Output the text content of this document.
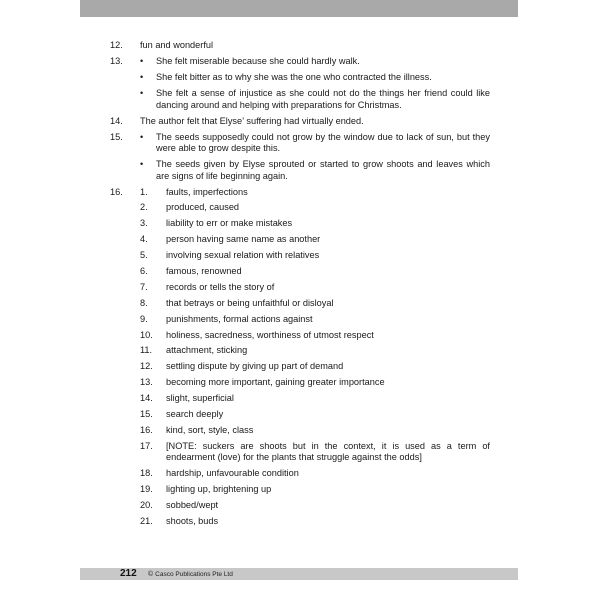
12.	fun and wonderful
13.	•	She felt miserable because she could hardly walk.
•	She felt bitter as to why she was the one who contracted the illness.
•	She felt a sense of injustice as she could not do the things her friend could like dancing around and helping with preparations for Christmas.
14.	The author felt that Elyse’ suffering had virtually ended.
15.	•	The seeds supposedly could not grow by the window due to lack of sun, but they were able to grow despite this.
•	The seeds given by Elyse sprouted or started to grow shoots and leaves which are signs of life beginning again.
16.	1.	faults, imperfections
2.	produced, caused
3.	liability to err or make mistakes
4.	person having same name as another
5.	involving sexual relation with relatives
6.	famous, renowned
7.	records or tells the story of
8.	that betrays or being unfaithful or disloyal
9.	punishments, formal actions against
10.	holiness, sacredness, worthiness of utmost respect
11.	attachment, sticking
12.	settling dispute by giving up part of demand
13.	becoming more important, gaining greater importance
14.	slight, superficial
15.	search deeply
16.	kind, sort, style, class
17.	[NOTE: suckers are shoots but in the context, it is used as a term of endearment (love) for the plants that struggle against the odds]
18.	hardship, unfavourable condition
19.	lighting up, brightening up
20.	sobbed/wept
21.	shoots, buds
212 © Casco Publications Pte Ltd
